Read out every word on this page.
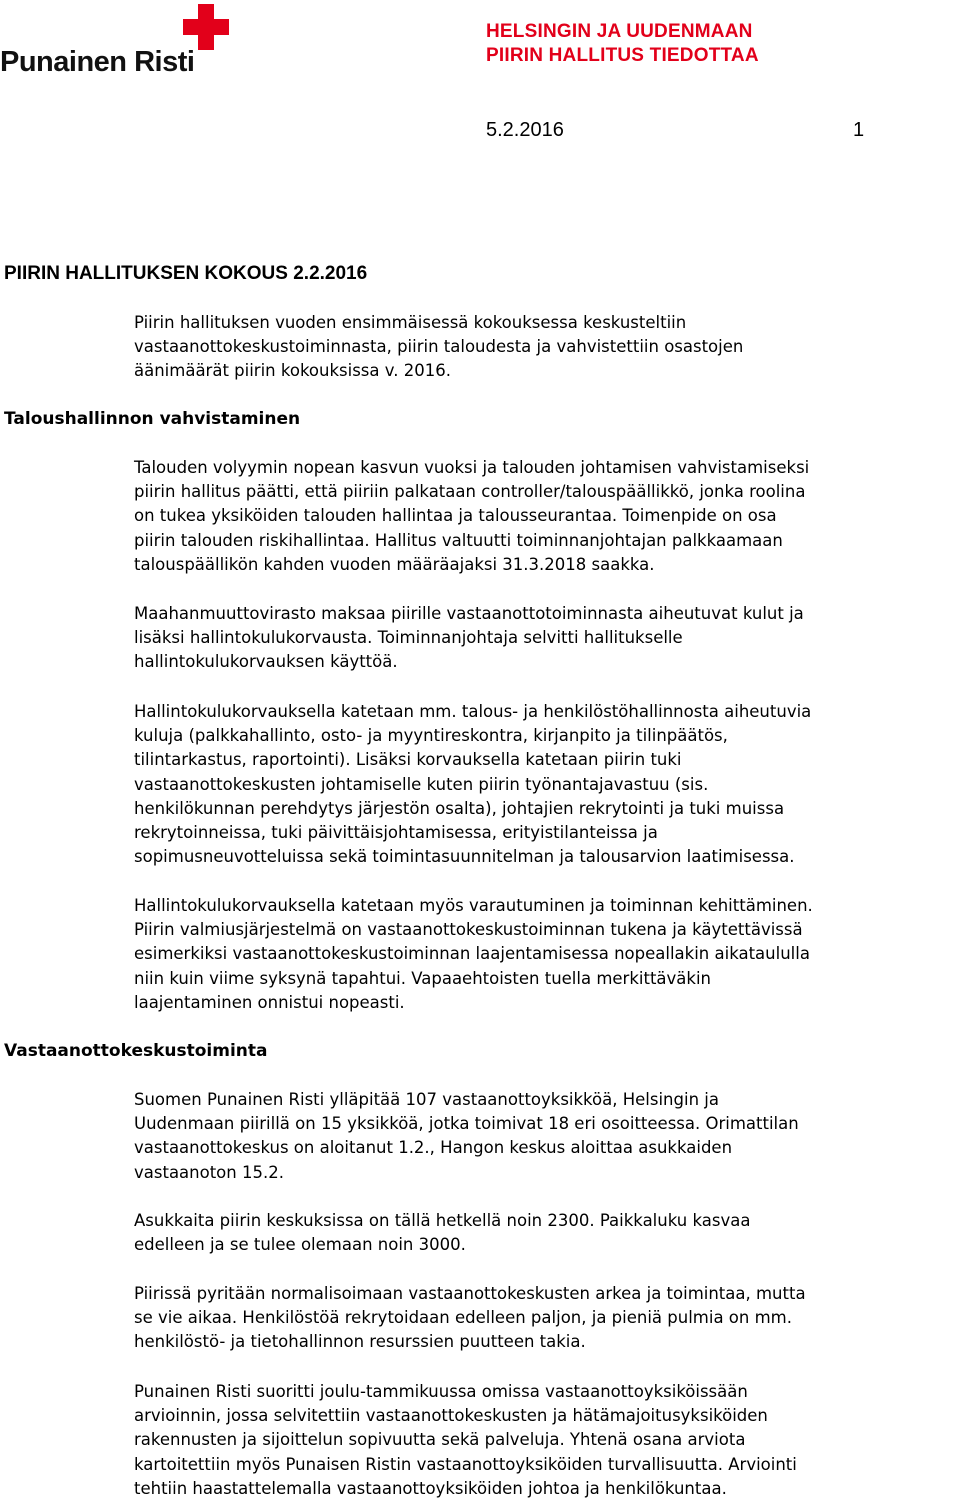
Punainen Risti
HELSINGIN JA UUDENMAAN
PIIRIN HALLITUS TIEDOTTAA
5.2.2016	1
PIIRIN HALLITUKSEN KOKOUS 2.2.2016

Piirin hallituksen vuoden ensimmäisessä kokouksessa keskusteltiin
vastaanottokeskustoiminnasta, piirin taloudesta ja vahvistettiin osastojen
äänimäärät piirin kokouksissa v. 2016.

Taloushallinnon vahvistaminen

Talouden volyymin nopean kasvun vuoksi ja talouden johtamisen vahvistamiseksi
piirin hallitus päätti, että piiriin palkataan controller/talouspäällikkö, jonka roolina
on tukea yksiköiden talouden hallintaa ja talousseurantaa. Toimenpide on osa
piirin talouden riskihallintaa. Hallitus valtuutti toiminnanjohtajan palkkaamaan
talouspäällikön kahden vuoden määräajaksi 31.3.2018 saakka.

Maahanmuuttovirasto maksaa piirille vastaanottotoiminnasta aiheutuvat kulut ja
lisäksi hallintokulukorvausta. Toiminnanjohtaja selvitti hallitukselle
hallintokulukorvauksen käyttöä.

Hallintokulukorvauksella katetaan mm. talous- ja henkilöstöhallinnosta aiheutuvia
kuluja (palkkahallinto, osto- ja myyntireskontra, kirjanpito ja tilinpäätös,
tilintarkastus, raportointi). Lisäksi korvauksella katetaan piirin tuki
vastaanottokeskusten johtamiselle kuten piirin työnantajavastuu (sis.
henkilökunnan perehdytys järjestön osalta), johtajien rekrytointi ja tuki muissa
rekrytoinneissa, tuki päivittäisjohtamisessa, erityistilanteissa ja
sopimusneuvotteluissa sekä toimintasuunnitelman ja talousarvion laatimisessa.

Hallintokulukorvauksella katetaan myös varautuminen ja toiminnan kehittäminen.
Piirin valmiusjärjestelmä on vastaanottokeskustoiminnan tukena ja käytettävissä
esimerkiksi vastaanottokeskustoiminnan laajentamisessa nopeallakin aikataululla
niin kuin viime syksynä tapahtui. Vapaaehtoisten tuella merkittäväkin
laajentaminen onnistui nopeasti.

Vastaanottokeskustoiminta

Suomen Punainen Risti ylläpitää 107 vastaanottoyksikköä, Helsingin ja
Uudenmaan piirillä on 15 yksikköä, jotka toimivat 18 eri osoitteessa. Orimattilan
vastaanottokeskus on aloitanut 1.2., Hangon keskus aloittaa asukkaiden
vastaanoton 15.2.

Asukkaita piirin keskuksissa on tällä hetkellä noin 2300. Paikkaluku kasvaa
edelleen ja se tulee olemaan noin 3000.

Piirissä pyritään normalisoimaan vastaanottokeskusten arkea ja toimintaa, mutta
se vie aikaa. Henkilöstöä rekrytoidaan edelleen paljon, ja pieniä pulmia on mm.
henkilöstö- ja tietohallinnon resurssien puutteen takia.

Punainen Risti suoritti joulu-tammikuussa omissa vastaanottoyksiköissään
arvioinnin, jossa selvitettiin vastaanottokeskusten ja hätämajoitusyksiköiden
rakennusten ja sijoittelun sopivuutta sekä palveluja. Yhtenä osana arviota
kartoitettiin myös Punaisen Ristin vastaanottoyksiköiden turvallisuutta. Arviointi
tehtiin haastattelemalla vastaanottoyksiköiden johtoa ja henkilökuntaa.
